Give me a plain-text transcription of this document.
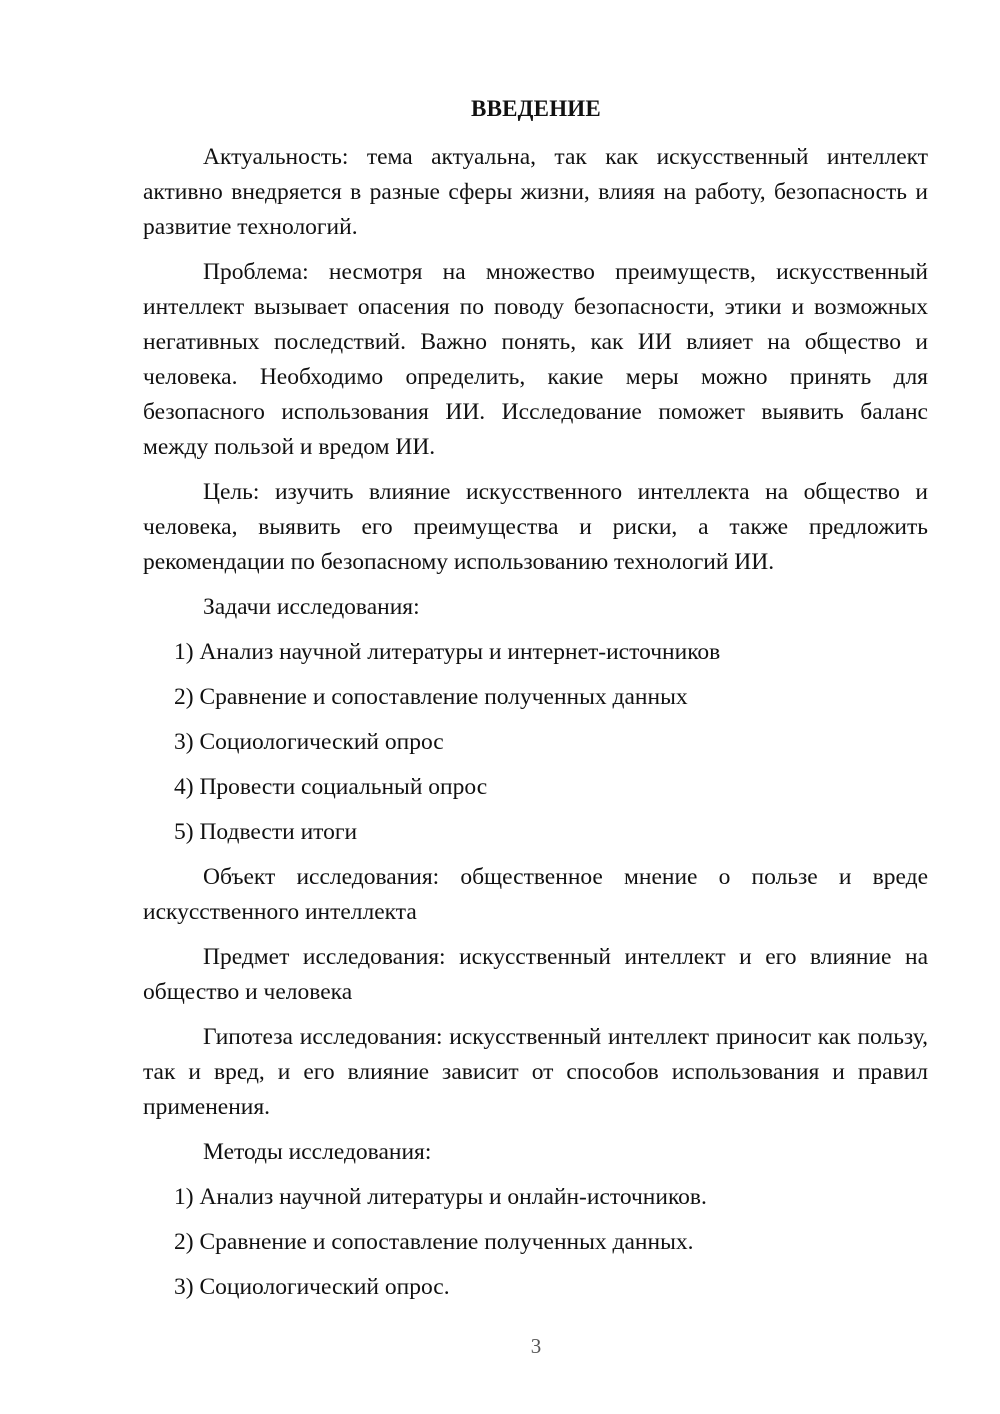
ВВЕДЕНИЕ

Актуальность: тема актуальна, так как искусственный интеллект активно внедряется в разные сферы жизни, влияя на работу, безопасность и развитие технологий.

Проблема: несмотря на множество преимуществ, искусственный интеллект вызывает опасения по поводу безопасности, этики и возможных негативных последствий. Важно понять, как ИИ влияет на общество и человека. Необходимо определить, какие меры можно принять для безопасного использования ИИ. Исследование поможет выявить баланс между пользой и вредом ИИ.

Цель: изучить влияние искусственного интеллекта на общество и человека, выявить его преимущества и риски, а также предложить рекомендации по безопасному использованию технологий ИИ.

Задачи исследования:

1) Анализ научной литературы и интернет-источников

2) Сравнение и сопоставление полученных данных

3) Социологический опрос

4) Провести социальный опрос

5) Подвести итоги

Объект исследования: общественное мнение о пользе и вреде искусственного интеллекта

Предмет исследования: искусственный интеллект и его влияние на общество и человека

Гипотеза исследования: искусственный интеллект приносит как пользу, так и вред, и его влияние зависит от способов использования и правил применения.

Методы исследования:

1) Анализ научной литературы и онлайн-источников.

2) Сравнение и сопоставление полученных данных.

3) Социологический опрос.

3
